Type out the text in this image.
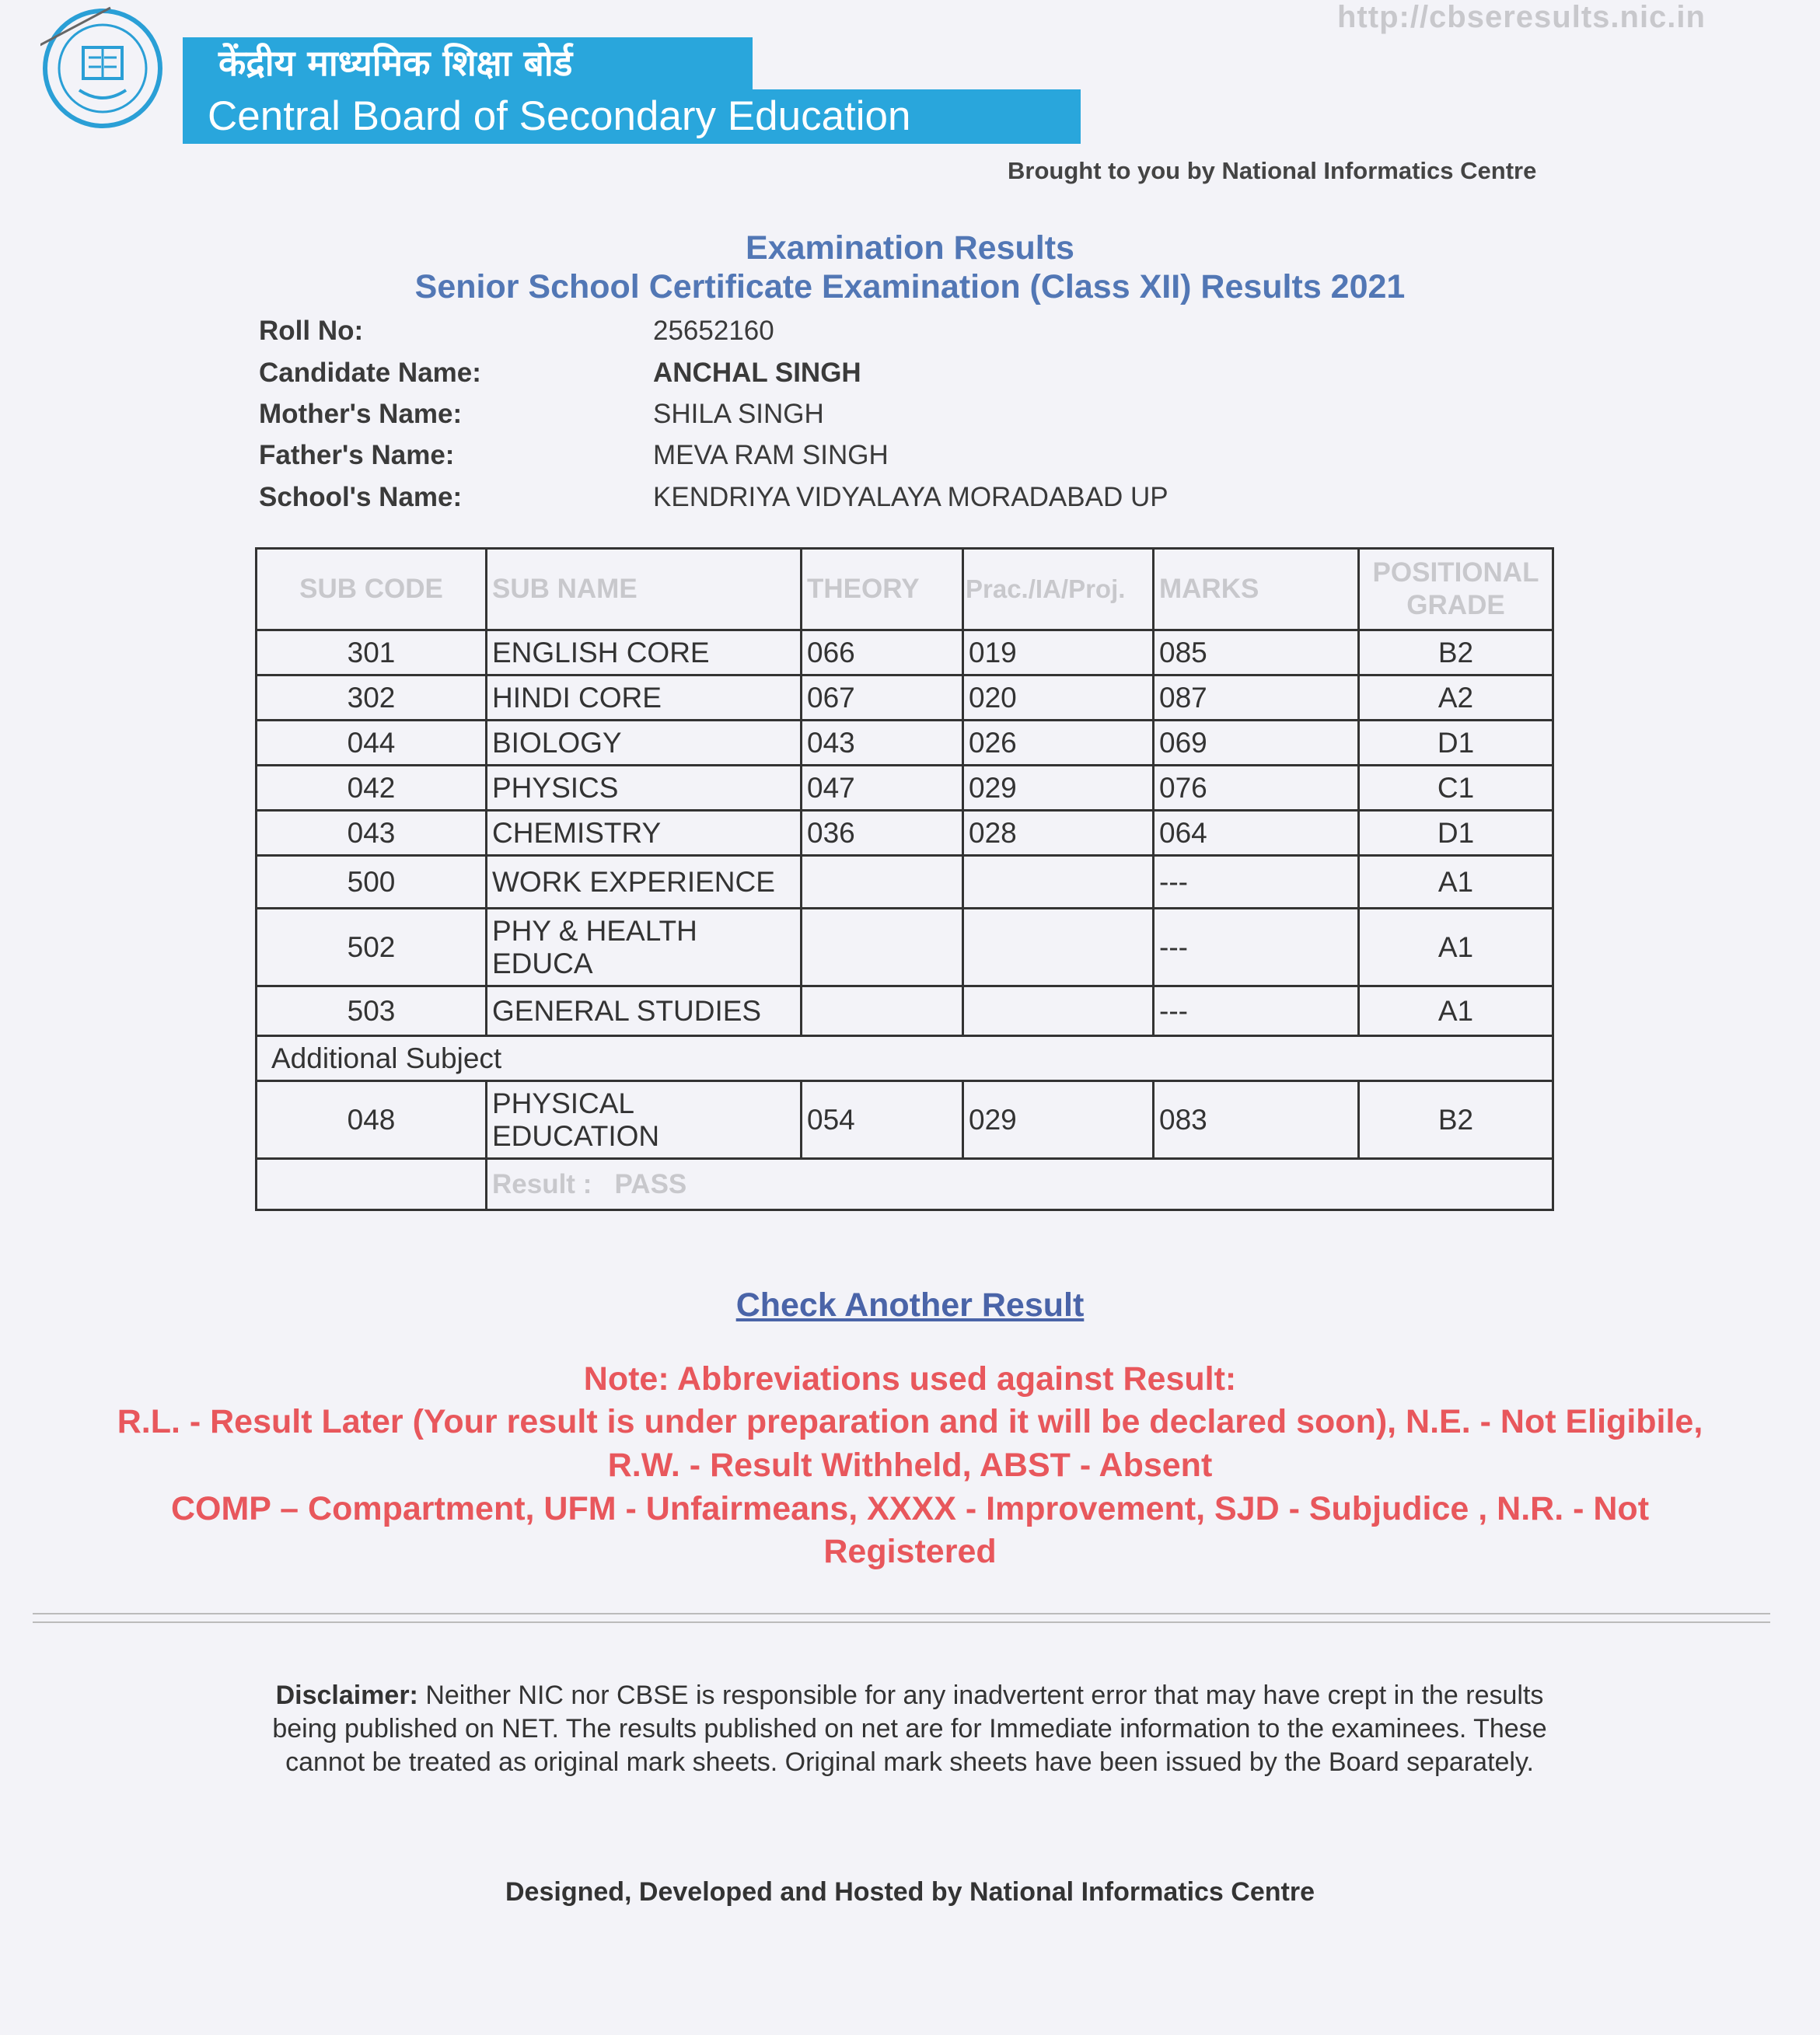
http://cbseresults.nic.in
केंद्रीय माध्यमिक शिक्षा बोर्ड
Central Board of Secondary Education
Brought to you by National Informatics Centre
Examination Results
Senior School Certificate Examination (Class XII) Results 2021
Roll No:	25652160
Candidate Name:	ANCHAL SINGH
Mother's Name:	SHILA SINGH
Father's Name:	MEVA RAM SINGH
School's Name:	KENDRIYA VIDYALAYA MORADABAD UP
SUB CODE	SUB NAME	THEORY	Prac./IA/Proj.	MARKS	POSITIONAL GRADE
301	ENGLISH CORE	066	019	085	B2
302	HINDI CORE	067	020	087	A2
044	BIOLOGY	043	026	069	D1
042	PHYSICS	047	029	076	C1
043	CHEMISTRY	036	028	064	D1
500	WORK EXPERIENCE			---	A1
502	PHY & HEALTH EDUCA			---	A1
503	GENERAL STUDIES			---	A1
Additional Subject					
048	PHYSICAL EDUCATION	054	029	083	B2
	Result : PASS				
Check Another Result
Note: Abbreviations used against Result:
R.L. - Result Later (Your result is under preparation and it will be declared soon), N.E. - Not Eligibile,
R.W. - Result Withheld, ABST - Absent
COMP – Compartment, UFM - Unfairmeans, XXXX - Improvement, SJD - Subjudice , N.R. - Not
Registered
Disclaimer: Neither NIC nor CBSE is responsible for any inadvertent error that may have crept in the results being published on NET. The results published on net are for Immediate information to the examinees. These cannot be treated as original mark sheets. Original mark sheets have been issued by the Board separately.
Designed, Developed and Hosted by National Informatics Centre
